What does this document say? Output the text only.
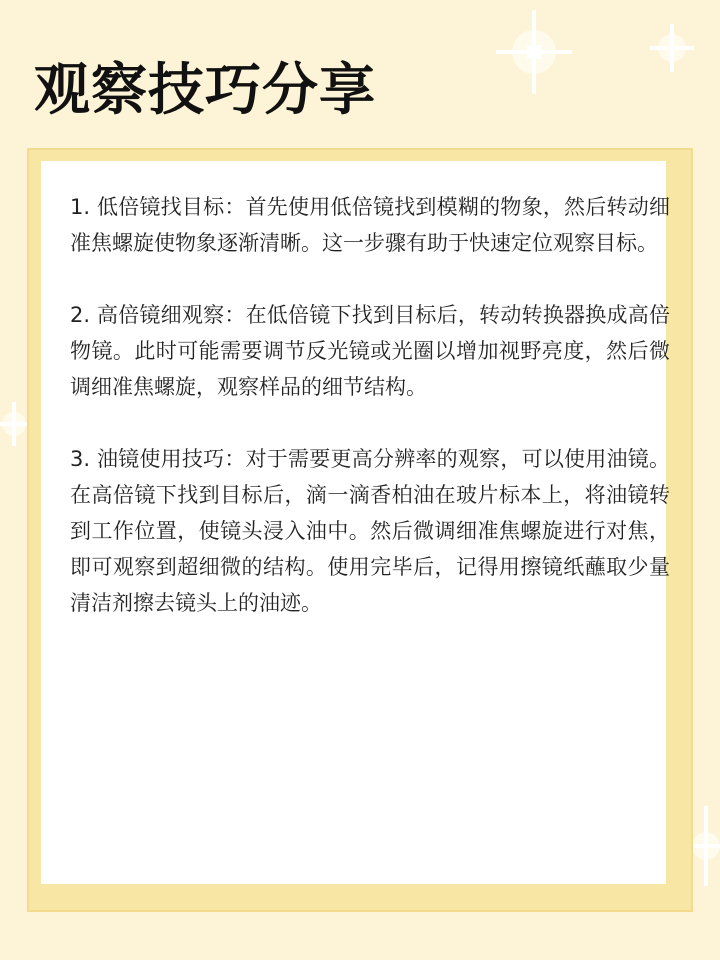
观察技巧分享

1. 低倍镜找目标：首先使用低倍镜找到模糊的物象，然后转动细准焦螺旋使物象逐渐清晰。这一步骤有助于快速定位观察目标。

2. 高倍镜细观察：在低倍镜下找到目标后，转动转换器换成高倍物镜。此时可能需要调节反光镜或光圈以增加视野亮度，然后微调细准焦螺旋，观察样品的细节结构。

3. 油镜使用技巧：对于需要更高分辨率的观察，可以使用油镜。在高倍镜下找到目标后，滴一滴香柏油在玻片标本上，将油镜转到工作位置，使镜头浸入油中。然后微调细准焦螺旋进行对焦，即可观察到超细微的结构。使用完毕后，记得用擦镜纸蘸取少量清洁剂擦去镜头上的油迹。
